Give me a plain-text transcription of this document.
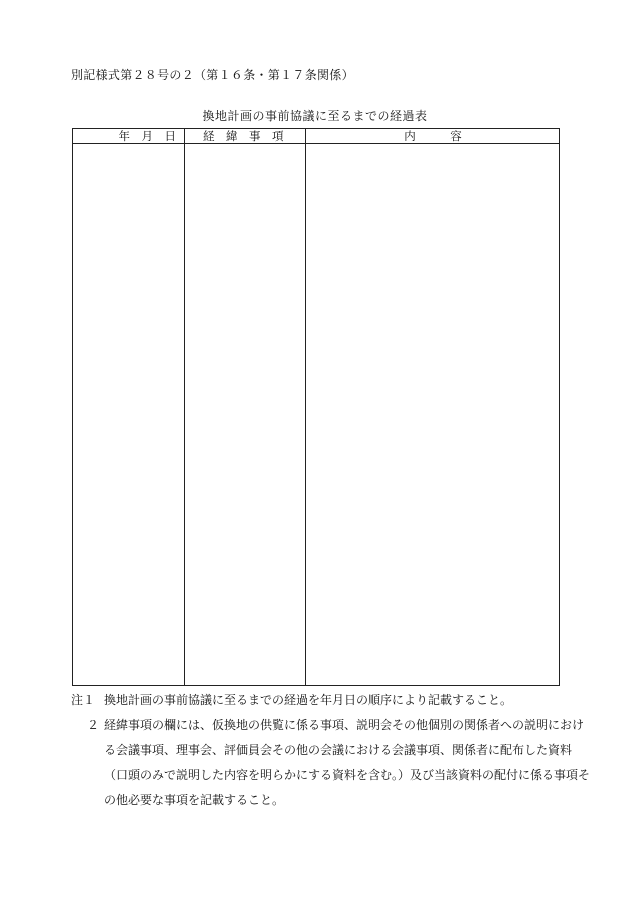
別記様式第２８号の２（第１６条・第１７条関係）
換地計画の事前協議に至るまでの経過表
年　月　日	経　緯　事　項	内　　　容
注１ 換地計画の事前協議に至るまでの経過を年月日の順序により記載すること。
２ 経緯事項の欄には、仮換地の供覧に係る事項、説明会その他個別の関係者への説明における会議事項、理事会、評価員会その他の会議における会議事項、関係者に配布した資料（口頭のみで説明した内容を明らかにする資料を含む。）及び当該資料の配付に係る事項その他必要な事項を記載すること。
